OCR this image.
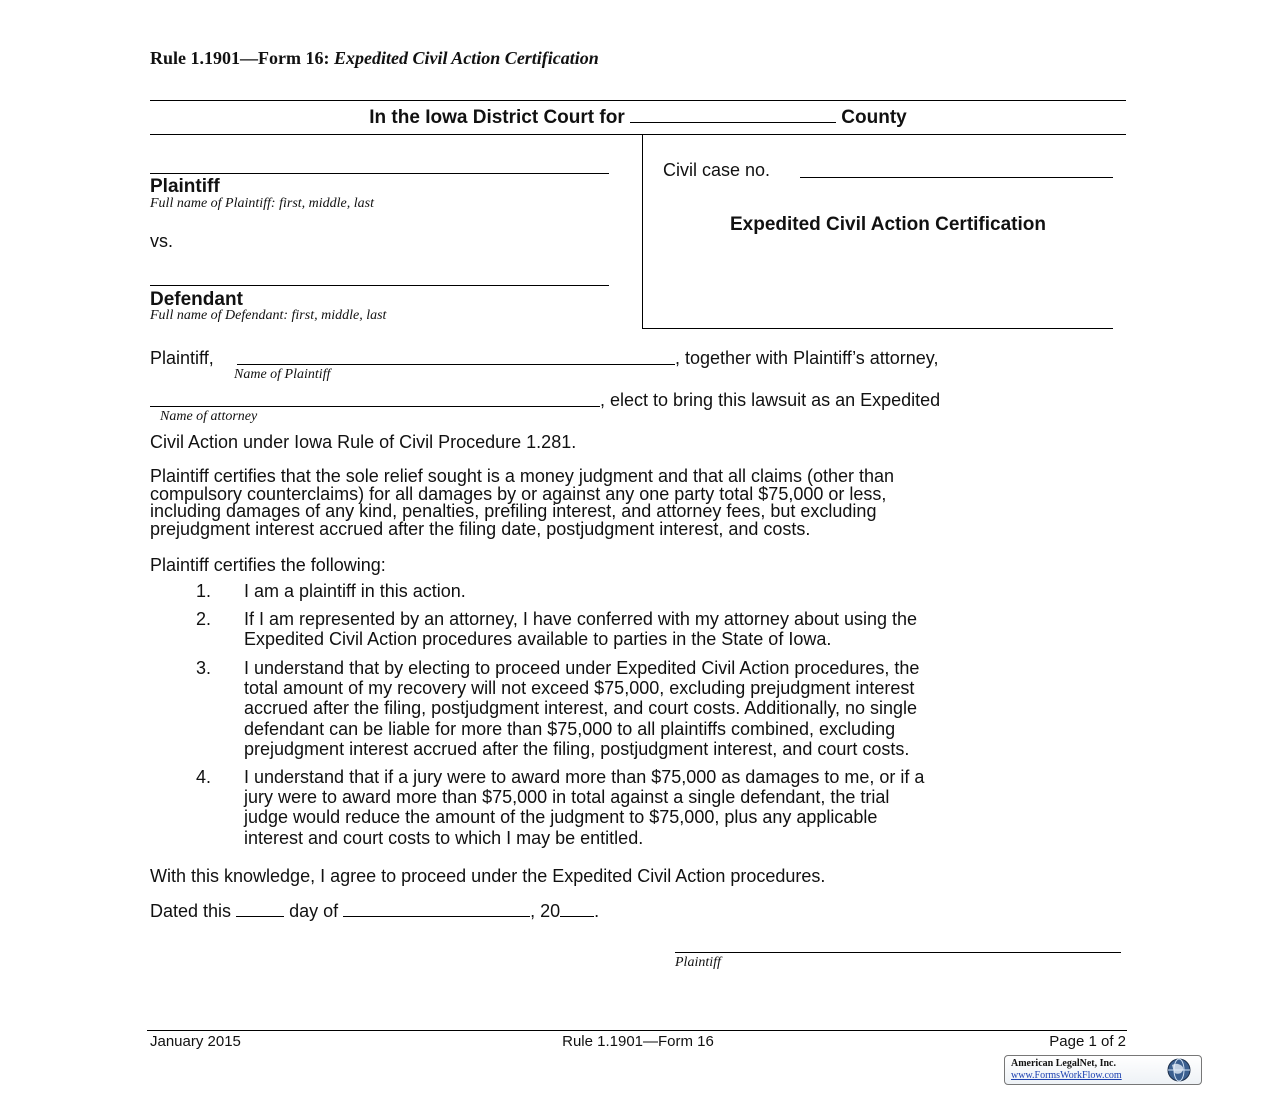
Rule 1.1901—Form 16: Expedited Civil Action Certification
In the Iowa District Court for	County
Plaintiff
Full name of Plaintiff: first, middle, last
vs.
Defendant
Full name of Defendant: first, middle, last
Civil case no.
Expedited Civil Action Certification
Plaintiff,	, together with Plaintiff’s attorney,
Name of Plaintiff
, elect to bring this lawsuit as an Expedited
Name of attorney
Civil Action under Iowa Rule of Civil Procedure 1.281.
Plaintiff certifies that the sole relief sought is a money judgment and that all claims (other than
compulsory counterclaims) for all damages by or against any one party total $75,000 or less,
including damages of any kind, penalties, prefiling interest, and attorney fees, but excluding
prejudgment interest accrued after the filing date, postjudgment interest, and costs.
Plaintiff certifies the following:
1.	I am a plaintiff in this action.
2.	If I am represented by an attorney, I have conferred with my attorney about using the
Expedited Civil Action procedures available to parties in the State of Iowa.
3.	I understand that by electing to proceed under Expedited Civil Action procedures, the
total amount of my recovery will not exceed $75,000, excluding prejudgment interest
accrued after the filing, postjudgment interest, and court costs. Additionally, no single
defendant can be liable for more than $75,000 to all plaintiffs combined, excluding
prejudgment interest accrued after the filing, postjudgment interest, and court costs.
4.	I understand that if a jury were to award more than $75,000 as damages to me, or if a
jury were to award more than $75,000 in total against a single defendant, the trial
judge would reduce the amount of the judgment to $75,000, plus any applicable
interest and court costs to which I may be entitled.
With this knowledge, I agree to proceed under the Expedited Civil Action procedures.
Dated this	day of	, 20 .
Plaintiff
January 2015	Rule 1.1901—Form 16	Page 1 of 2
American LegalNet, Inc.
www.FormsWorkFlow.com
